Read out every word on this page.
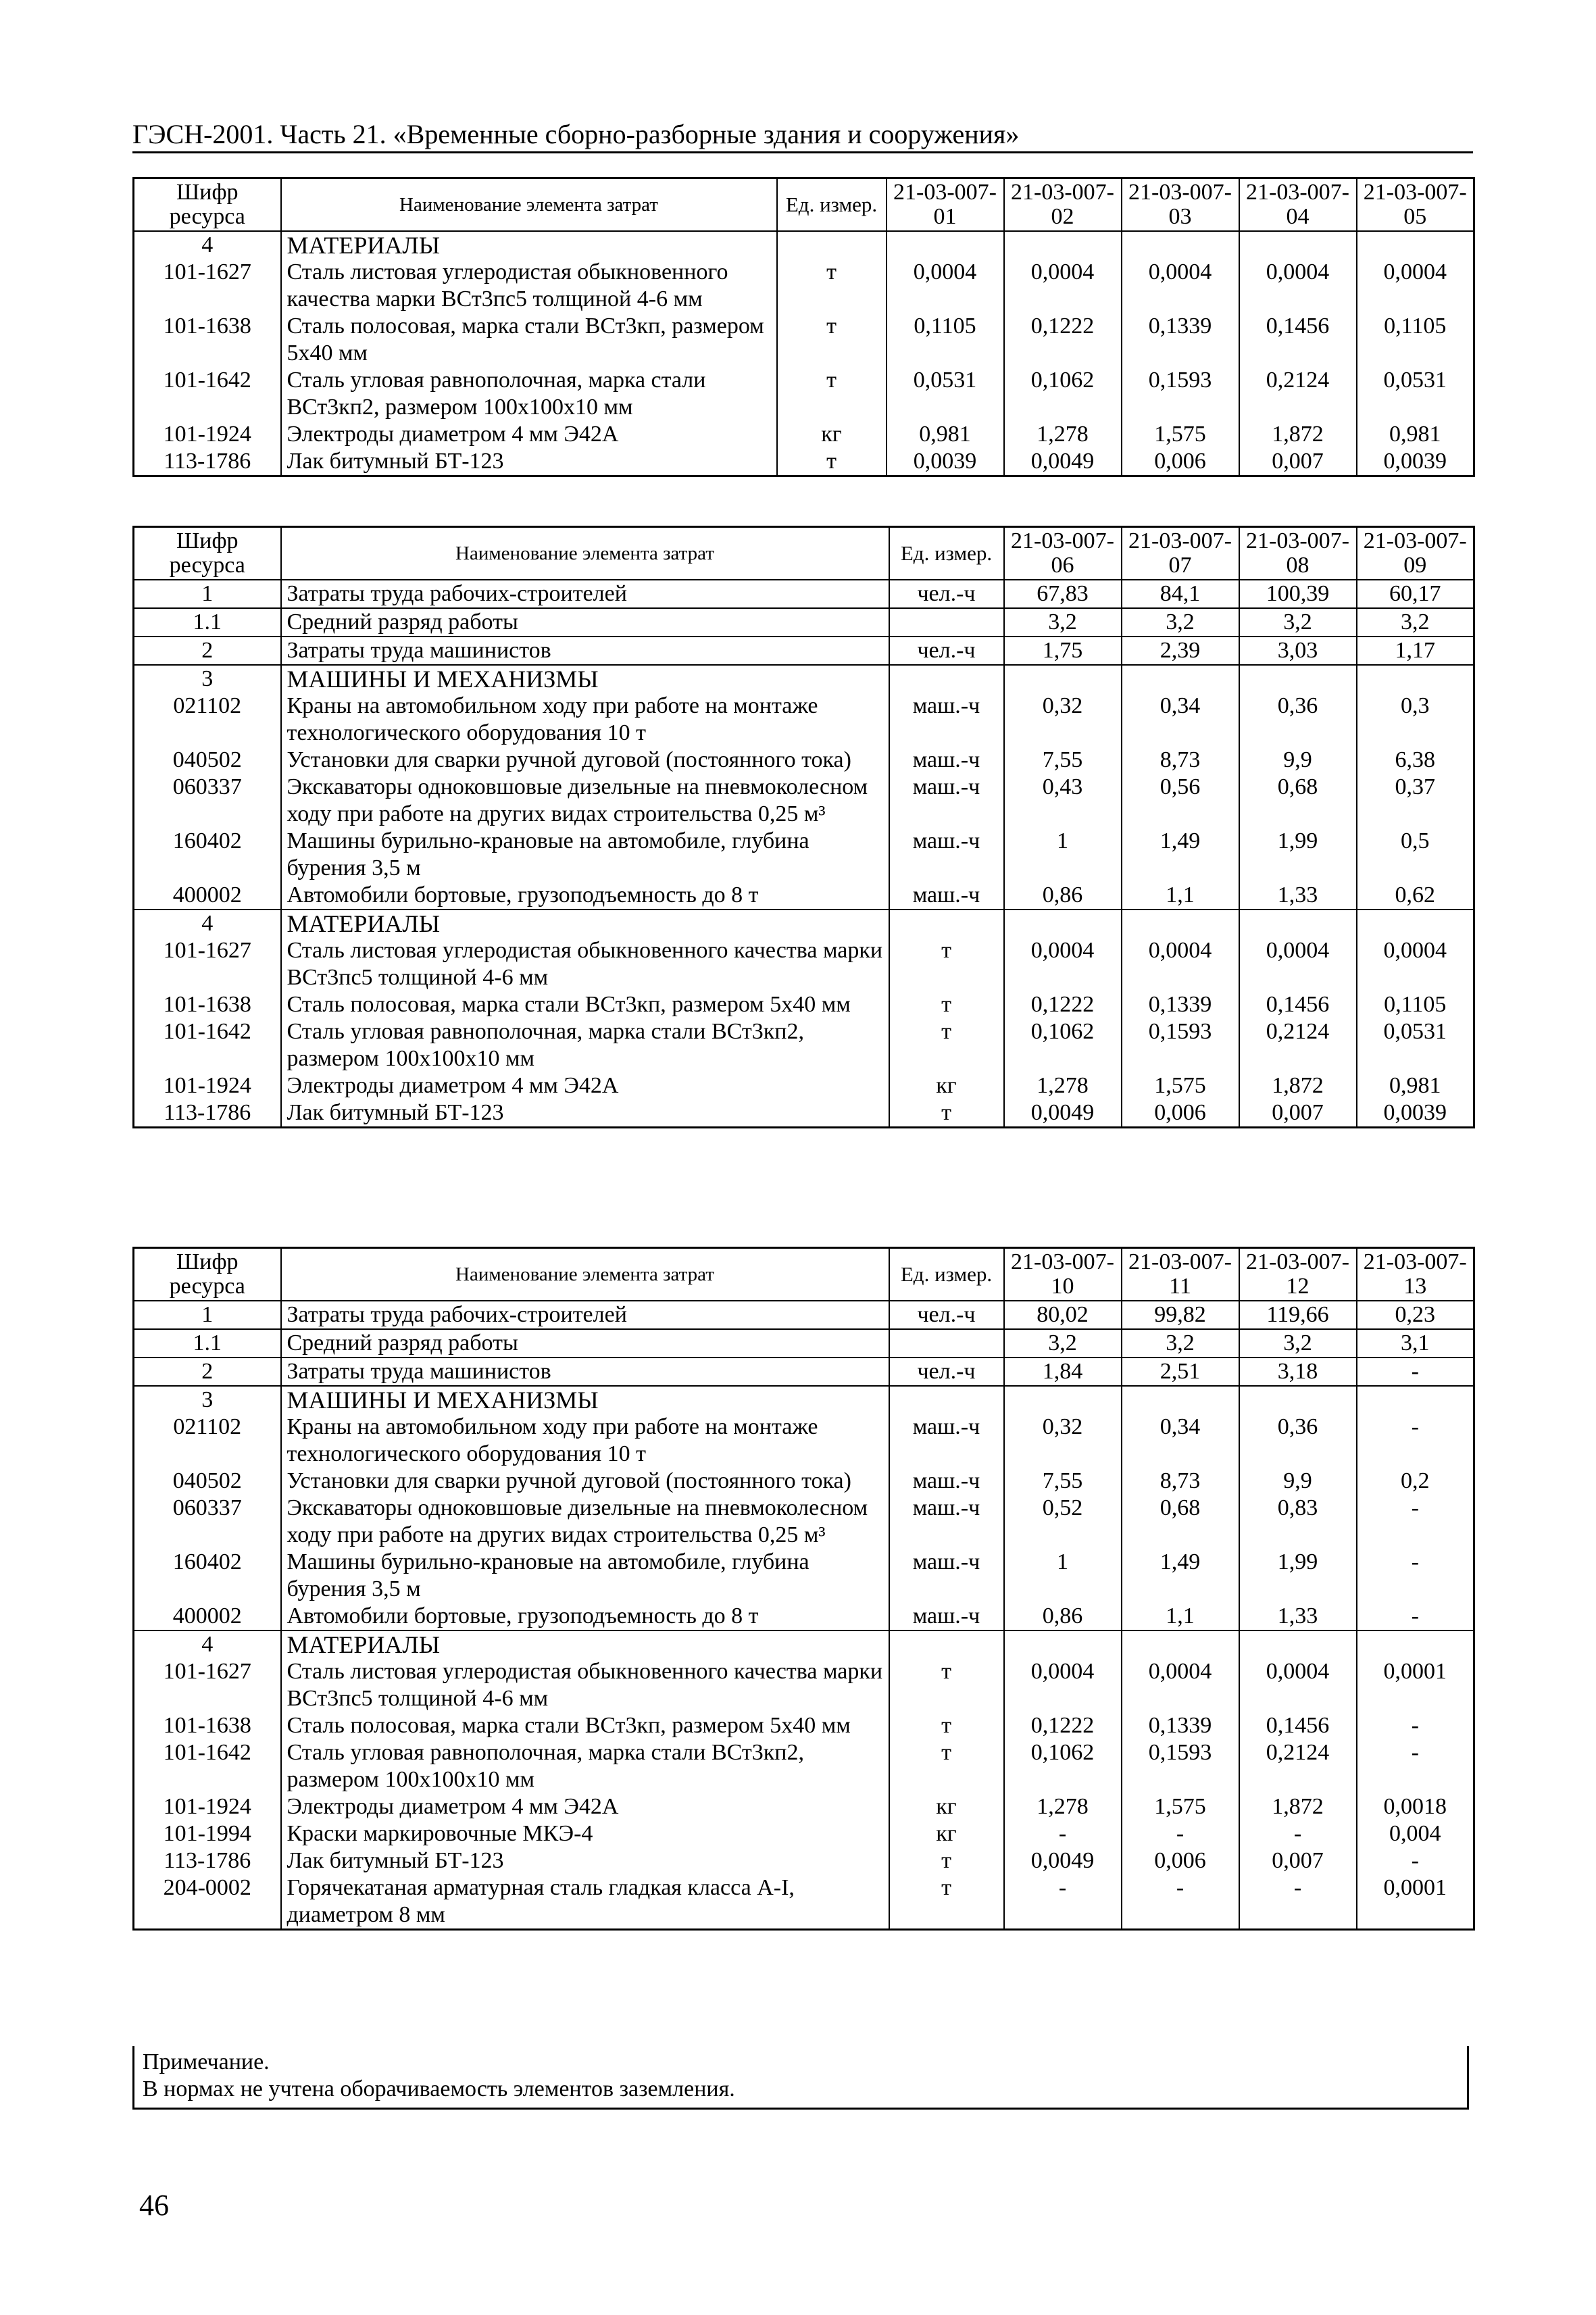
ГЭСН-2001. Часть 21. «Временные сборно-разборные здания и сооружения»
Шифр ресурса	Наименование элемента затрат	Ед. измер.	21-03-007-01	21-03-007-02	21-03-007-03	21-03-007-04	21-03-007-05
4	МАТЕРИАЛЫ						
101-1627	Сталь листовая углеродистая обыкновенного качества марки ВСт3пс5 толщиной 4-6 мм	т	0,0004	0,0004	0,0004	0,0004	0,0004
101-1638	Сталь полосовая, марка стали ВСт3кп, размером 5х40 мм	т	0,1105	0,1222	0,1339	0,1456	0,1105
101-1642	Сталь угловая равнополочная, марка стали ВСт3кп2, размером 100х100х10 мм	т	0,0531	0,1062	0,1593	0,2124	0,0531
101-1924	Электроды диаметром 4 мм Э42А	кг	0,981	1,278	1,575	1,872	0,981
113-1786	Лак битумный БТ-123	т	0,0039	0,0049	0,006	0,007	0,0039
Шифр ресурса	Наименование элемента затрат	Ед. измер.	21-03-007-06	21-03-007-07	21-03-007-08	21-03-007-09
1	Затраты труда рабочих-строителей	чел.-ч	67,83	84,1	100,39	60,17
1.1	Средний разряд работы		3,2	3,2	3,2	3,2
2	Затраты труда машинистов	чел.-ч	1,75	2,39	3,03	1,17
3	МАШИНЫ И МЕХАНИЗМЫ					
021102	Краны на автомобильном ходу при работе на монтаже технологического оборудования 10 т	маш.-ч	0,32	0,34	0,36	0,3
040502	Установки для сварки ручной дуговой (постоянного тока)	маш.-ч	7,55	8,73	9,9	6,38
060337	Экскаваторы одноковшовые дизельные на пневмоколесном ходу при работе на других видах строительства 0,25 м³	маш.-ч	0,43	0,56	0,68	0,37
160402	Машины бурильно-крановые на автомобиле, глубина бурения 3,5 м	маш.-ч	1	1,49	1,99	0,5
400002	Автомобили бортовые, грузоподъемность до 8 т	маш.-ч	0,86	1,1	1,33	0,62
4	МАТЕРИАЛЫ					
101-1627	Сталь листовая углеродистая обыкновенного качества марки ВСт3пс5 толщиной 4-6 мм	т	0,0004	0,0004	0,0004	0,0004
101-1638	Сталь полосовая, марка стали ВСт3кп, размером 5х40 мм	т	0,1222	0,1339	0,1456	0,1105
101-1642	Сталь угловая равнополочная, марка стали ВСт3кп2, размером 100х100х10 мм	т	0,1062	0,1593	0,2124	0,0531
101-1924	Электроды диаметром 4 мм Э42А	кг	1,278	1,575	1,872	0,981
113-1786	Лак битумный БТ-123	т	0,0049	0,006	0,007	0,0039
Шифр ресурса	Наименование элемента затрат	Ед. измер.	21-03-007-10	21-03-007-11	21-03-007-12	21-03-007-13
1	Затраты труда рабочих-строителей	чел.-ч	80,02	99,82	119,66	0,23
1.1	Средний разряд работы		3,2	3,2	3,2	3,1
2	Затраты труда машинистов	чел.-ч	1,84	2,51	3,18	-
3	МАШИНЫ И МЕХАНИЗМЫ					
021102	Краны на автомобильном ходу при работе на монтаже технологического оборудования 10 т	маш.-ч	0,32	0,34	0,36	-
040502	Установки для сварки ручной дуговой (постоянного тока)	маш.-ч	7,55	8,73	9,9	0,2
060337	Экскаваторы одноковшовые дизельные на пневмоколесном ходу при работе на других видах строительства 0,25 м³	маш.-ч	0,52	0,68	0,83	-
160402	Машины бурильно-крановые на автомобиле, глубина бурения 3,5 м	маш.-ч	1	1,49	1,99	-
400002	Автомобили бортовые, грузоподъемность до 8 т	маш.-ч	0,86	1,1	1,33	-
4	МАТЕРИАЛЫ					
101-1627	Сталь листовая углеродистая обыкновенного качества марки ВСт3пс5 толщиной 4-6 мм	т	0,0004	0,0004	0,0004	0,0001
101-1638	Сталь полосовая, марка стали ВСт3кп, размером 5х40 мм	т	0,1222	0,1339	0,1456	-
101-1642	Сталь угловая равнополочная, марка стали ВСт3кп2, размером 100х100х10 мм	т	0,1062	0,1593	0,2124	-
101-1924	Электроды диаметром 4 мм Э42А	кг	1,278	1,575	1,872	0,0018
101-1994	Краски маркировочные МКЭ-4	кг	-	-	-	0,004
113-1786	Лак битумный БТ-123	т	0,0049	0,006	0,007	-
204-0002	Горячекатаная арматурная сталь гладкая класса А-I, диаметром 8 мм	т	-	-	-	0,0001
Примечание.
В нормах не учтена оборачиваемость элементов заземления.
46
